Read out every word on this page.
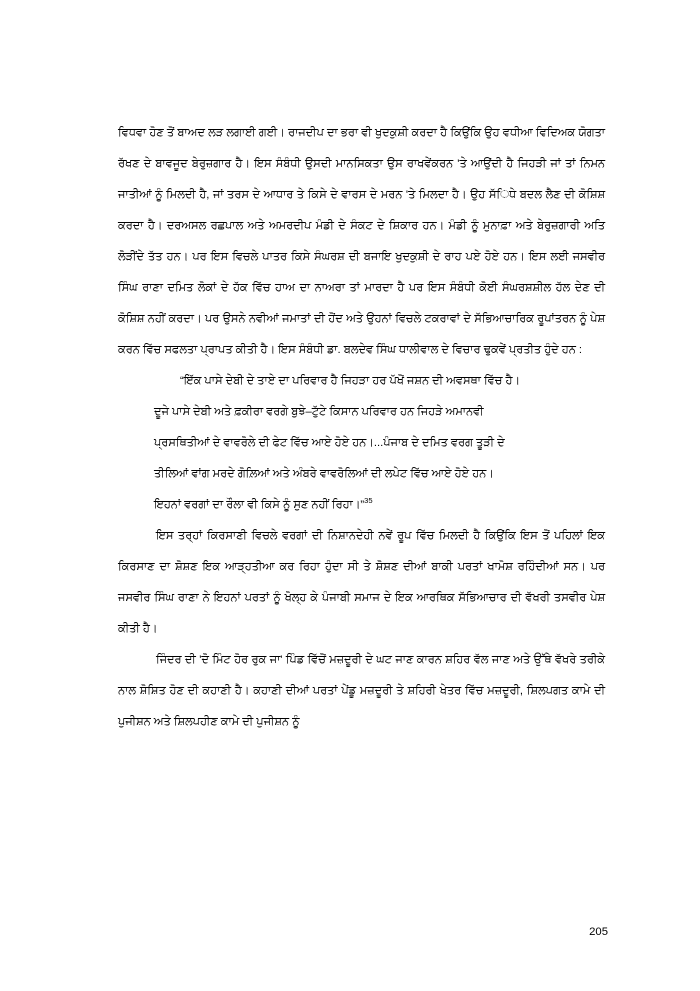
ਵਿਧਵਾ ਹੋਣ ਤੋਂ ਬਾਅਦ ਲੜ ਲਗਾਈ ਗਈ। ਰਾਜਦੀਪ ਦਾ ਭਰਾ ਵੀ ਖੁਦਕੁਸ਼ੀ ਕਰਦਾ ਹੈ ਕਿਉਂਕਿ ਉਹ ਵਧੀਆ ਵਿਦਿਅਕ ਯੋਗਤਾ ਰੱਖਣ ਦੇ ਬਾਵਜੂਦ ਬੇਰੁਜ਼ਗਾਰ ਹੈ। ਇਸ ਸੰਬੰਧੀ ਉਸਦੀ ਮਾਨਸਿਕਤਾ ਉਸ ਰਾਖਵੇਂਕਰਨ 'ਤੇ ਆਉਂਦੀ ਹੈ ਜਿਹੜੀ ਜਾਂ ਤਾਂ ਨਿਮਨ ਜਾਤੀਆਂ ਨੂੰ ਮਿਲਦੀ ਹੈ, ਜਾਂ ਤਰਸ ਦੇ ਆਧਾਰ ਤੇ ਕਿਸੇ ਦੇ ਵਾਰਸ ਦੇ ਮਰਨ 'ਤੇ ਮਿਲਦਾ ਹੈ। ਉਹ ਸੱਿਧੇ ਬਦਲ ਲੈਣ ਦੀ ਕੋਸ਼ਿਸ਼ ਕਰਦਾ ਹੈ। ਦਰਅਸਲ ਰਛਪਾਲ ਅਤੇ ਅਮਰਦੀਪ ਮੰਡੀ ਦੇ ਸੰਕਟ ਦੇ ਸ਼ਿਕਾਰ ਹਨ। ਮੰਡੀ ਨੂੰ ਮੁਨਾਫ਼ਾ ਅਤੇ ਬੇਰੁਜ਼ਗਾਰੀ ਅਤਿ ਲੋੜੀਂਦੇ ਤੱਤ ਹਨ। ਪਰ ਇਸ ਵਿਚਲੇ ਪਾਤਰ ਕਿਸੇ ਸੰਘਰਸ਼ ਦੀ ਬਜਾਇ ਖੁਦਕੁਸ਼ੀ ਦੇ ਰਾਹ ਪਏ ਹੋਏ ਹਨ। ਇਸ ਲਈ ਜਸਵੀਰ ਸਿੰਘ ਰਾਣਾ ਦਮਿਤ ਲੋਕਾਂ ਦੇ ਹੱਕ ਵਿੱਚ ਹਾਅ ਦਾ ਨਾਅਰਾ ਤਾਂ ਮਾਰਦਾ ਹੈ ਪਰ ਇਸ ਸੰਬੰਧੀ ਕੋਈ ਸੰਘਰਸ਼ਸ਼ੀਲ ਹੱਲ ਦੇਣ ਦੀ ਕੋਸ਼ਿਸ਼ ਨਹੀਂ ਕਰਦਾ। ਪਰ ਉਸਨੇ ਨਵੀਆਂ ਜਮਾਤਾਂ ਦੀ ਹੋਂਦ ਅਤੇ ਉਹਨਾਂ ਵਿਚਲੇ ਟਕਰਾਵਾਂ ਦੇ ਸੱਭਿਆਚਾਰਿਕ ਰੂਪਾਂਤਰਨ ਨੂੰ ਪੇਸ਼ ਕਰਨ ਵਿੱਚ ਸਫਲਤਾ ਪ੍ਰਾਪਤ ਕੀਤੀ ਹੈ। ਇਸ ਸੰਬੰਧੀ ਡਾ. ਬਲਦੇਵ ਸਿੰਘ ਧਾਲੀਵਾਲ ਦੇ ਵਿਚਾਰ ਢੁਕਵੇਂ ਪ੍ਰਤੀਤ ਹੁੰਦੇ ਹਨ :

“ਇੱਕ ਪਾਸੇ ਦੇਬੀ ਦੇ ਤਾਏ ਦਾ ਪਰਿਵਾਰ ਹੈ ਜਿਹੜਾ ਹਰ ਪੱਖੋਂ ਜਸ਼ਨ ਦੀ ਅਵਸਥਾ ਵਿੱਚ ਹੈ।

ਦੂਜੇ ਪਾਸੇ ਦੇਬੀ ਅਤੇ ਫ਼ਕੀਰਾ ਵਰਗੇ ਬੁਝੇ–ਟੁੱਟੇ ਕਿਸਾਨ ਪਰਿਵਾਰ ਹਨ ਜਿਹੜੇ ਅਮਾਨਵੀ

ਪ੍ਰਸਥਿਤੀਆਂ ਦੇ ਵਾਵਰੋਲੇ ਦੀ ਫੇਟ ਵਿੱਚ ਆਏ ਹੋਏ ਹਨ।...ਪੰਜਾਬ ਦੇ ਦਮਿਤ ਵਰਗ ਤੂੜੀ ਦੇ

ਤੀਲਿਆਂ ਵਾਂਗ ਮਰਦੇ ਗੋਲ਼ਿਆਂ ਅਤੇ ਅੰਬਰੇ ਵਾਵਰੋਲਿਆਂ ਦੀ ਲਪੇਟ ਵਿੱਚ ਆਏ ਹੋਏ ਹਨ।

ਇਹਨਾਂ ਵਰਗਾਂ ਦਾ ਰੌਲਾ ਵੀ ਕਿਸੇ ਨੂੰ ਸੁਣ ਨਹੀਂ ਰਿਹਾ।”$^{35}$

ਇਸ ਤਰ੍ਹਾਂ ਕਿਰਸਾਣੀ ਵਿਚਲੇ ਵਰਗਾਂ ਦੀ ਨਿਸ਼ਾਨਦੇਹੀ ਨਵੇਂ ਰੂਪ ਵਿੱਚ ਮਿਲਦੀ ਹੈ ਕਿਉਂਕਿ ਇਸ ਤੋਂ ਪਹਿਲਾਂ ਇਕ ਕਿਰਸਾਣ ਦਾ ਸ਼ੋਸ਼ਣ ਇਕ ਆੜ੍ਹਤੀਆ ਕਰ ਰਿਹਾ ਹੁੰਦਾ ਸੀ ਤੇ ਸ਼ੋਸ਼ਣ ਦੀਆਂ ਬਾਕੀ ਪਰਤਾਂ ਖਾਮੋਸ਼ ਰਹਿੰਦੀਆਂ ਸਨ। ਪਰ ਜਸਵੀਰ ਸਿੰਘ ਰਾਣਾ ਨੇ ਇਹਨਾਂ ਪਰਤਾਂ ਨੂੰ ਖੋਲ੍ਹ ਕੇ ਪੰਜਾਬੀ ਸਮਾਜ ਦੇ ਇਕ ਆਰਥਿਕ ਸੱਭਿਆਚਾਰ ਦੀ ਵੱਖਰੀ ਤਸਵੀਰ ਪੇਸ਼ ਕੀਤੀ ਹੈ।

ਜਿੰਦਰ ਦੀ 'ਦੋ ਮਿੰਟ ਹੋਰ ਰੁਕ ਜਾ' ਪਿੰਡ ਵਿੱਚੋਂ ਮਜ਼ਦੂਰੀ ਦੇ ਘਟ ਜਾਣ ਕਾਰਨ ਸ਼ਹਿਰ ਵੱਲ ਜਾਣ ਅਤੇ ਉੱਥੇ ਵੱਖਰੇ ਤਰੀਕੇ ਨਾਲ ਸ਼ੋਸ਼ਿਤ ਹੋਣ ਦੀ ਕਹਾਣੀ ਹੈ। ਕਹਾਣੀ ਦੀਆਂ ਪਰਤਾਂ ਪੇਂਡੂ ਮਜ਼ਦੂਰੀ ਤੇ ਸ਼ਹਿਰੀ ਖੇਤਰ ਵਿੱਚ ਮਜ਼ਦੂਰੀ, ਸ਼ਿਲਪਗਤ ਕਾਮੇ ਦੀ ਪੁਜੀਸ਼ਨ ਅਤੇ ਸ਼ਿਲਪਹੀਣ ਕਾਮੇ ਦੀ ਪੁਜੀਸ਼ਨ ਨੂੰ

205
